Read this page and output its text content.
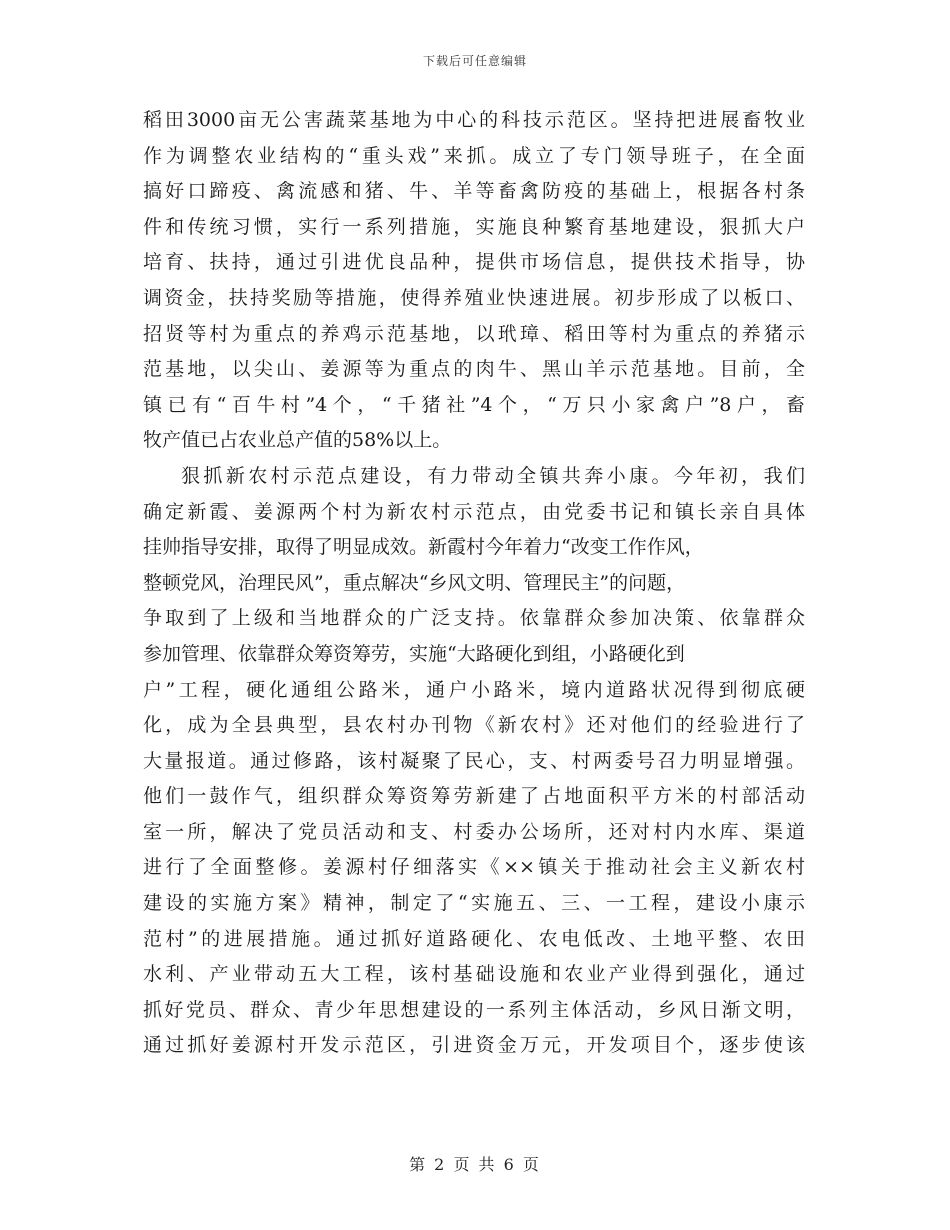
下载后可任意编辑
稻田3000亩无公害蔬菜基地为中心的科技示范区。坚持把进展畜牧业
作为调整农业结构的“重头戏”来抓。成立了专门领导班子，在全面
搞好口蹄疫、禽流感和猪、牛、羊等畜禽防疫的基础上，根据各村条
件和传统习惯，实行一系列措施，实施良种繁育基地建设，狠抓大户
培育、扶持，通过引进优良品种，提供市场信息，提供技术指导，协
调资金，扶持奖励等措施，使得养殖业快速进展。初步形成了以板口、
招贤等村为重点的养鸡示范基地，以玳璋、稻田等村为重点的养猪示
范基地，以尖山、姜源等为重点的肉牛、黑山羊示范基地。目前，全
镇已有“百牛村”4个，“千猪社”4个，“万只小家禽户”8户，畜
牧产值已占农业总产值的58%以上。
狠抓新农村示范点建设，有力带动全镇共奔小康。今年初，我们
确定新霞、姜源两个村为新农村示范点，由党委书记和镇长亲自具体
挂帅指导安排，取得了明显成效。新霞村今年着力“改变工作作风，
整顿党风，治理民风”，重点解决“乡风文明、管理民主”的问题，
争取到了上级和当地群众的广泛支持。依靠群众参加决策、依靠群众
参加管理、依靠群众筹资筹劳，实施“大路硬化到组，小路硬化到
户”工程，硬化通组公路米，通户小路米，境内道路状况得到彻底硬
化，成为全县典型，县农村办刊物《新农村》还对他们的经验进行了
大量报道。通过修路，该村凝聚了民心，支、村两委号召力明显增强。
他们一鼓作气，组织群众筹资筹劳新建了占地面积平方米的村部活动
室一所，解决了党员活动和支、村委办公场所，还对村内水库、渠道
进行了全面整修。姜源村仔细落实《××镇关于推动社会主义新农村
建设的实施方案》精神，制定了“实施五、三、一工程，建设小康示
范村”的进展措施。通过抓好道路硬化、农电低改、土地平整、农田
水利、产业带动五大工程，该村基础设施和农业产业得到强化，通过
抓好党员、群众、青少年思想建设的一系列主体活动，乡风日渐文明，
通过抓好姜源村开发示范区，引进资金万元，开发项目个，逐步使该
第 2 页 共 6 页
